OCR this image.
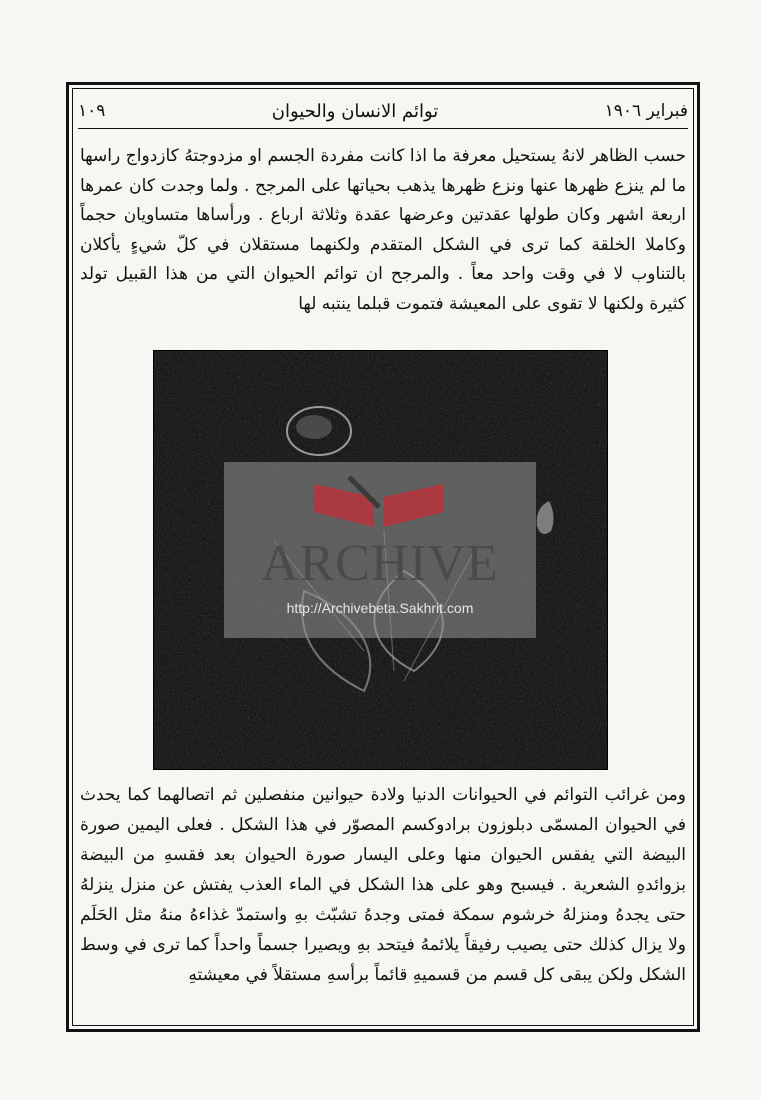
فبراير ١٩٠٦
توائم الانسان والحيوان
١٠٩
حسب الظاهر لانهُ يستحيل معرفة ما اذا كانت مفردة الجسم او مزدوجتهُ كازدواج راسها ما لم ينزع ظهرها عنها ونزع ظهرها يذهب بحياتها على المرجح . ولما وجدت كان عمرها اربعة اشهر وكان طولها عقدتين وعرضها عقدة وثلاثة ارباع . ورأساها متساويان حجماً وكاملا الخلقة كما ترى في الشكل المتقدم ولكنهما مستقلان في كلّ شيءٍ يأكلان بالتناوب لا في وقت واحد معاً . والمرجح ان توائم الحيوان التي من هذا القبيل تولد كثيرة ولكنها لا تقوى على المعيشة فتموت قبلما ينتبه لها
ARCHIVE
http://Archivebeta.Sakhrit.com
ومن غرائب التوائم في الحيوانات الدنيا ولادة حيوانين منفصلين ثم اتصالهما كما يحدث في الحيوان المسمّى دبلوزون برادوكسم المصوّر في هذا الشكل . فعلى اليمين صورة البيضة التي يفقس الحيوان منها وعلى اليسار صورة الحيوان بعد فقسهِ من البيضة بزوائدهِ الشعرية . فيسبح وهو على هذا الشكل في الماء العذب يفتش عن منزل ينزلهُ حتى يجدهُ ومنزلهُ خرشوم سمكة فمتى وجدهُ تشبّث بهِ واستمدّ غذاءهُ منهُ مثل الحَلَم ولا يزال كذلك حتى يصيب رفيقاً يلائمهُ فيتحد بهِ ويصيرا جسماً واحداً كما ترى في وسط الشكل ولكن يبقى كل قسم من قسميهِ قائماً برأسهِ مستقلاً في معيشتهِ
